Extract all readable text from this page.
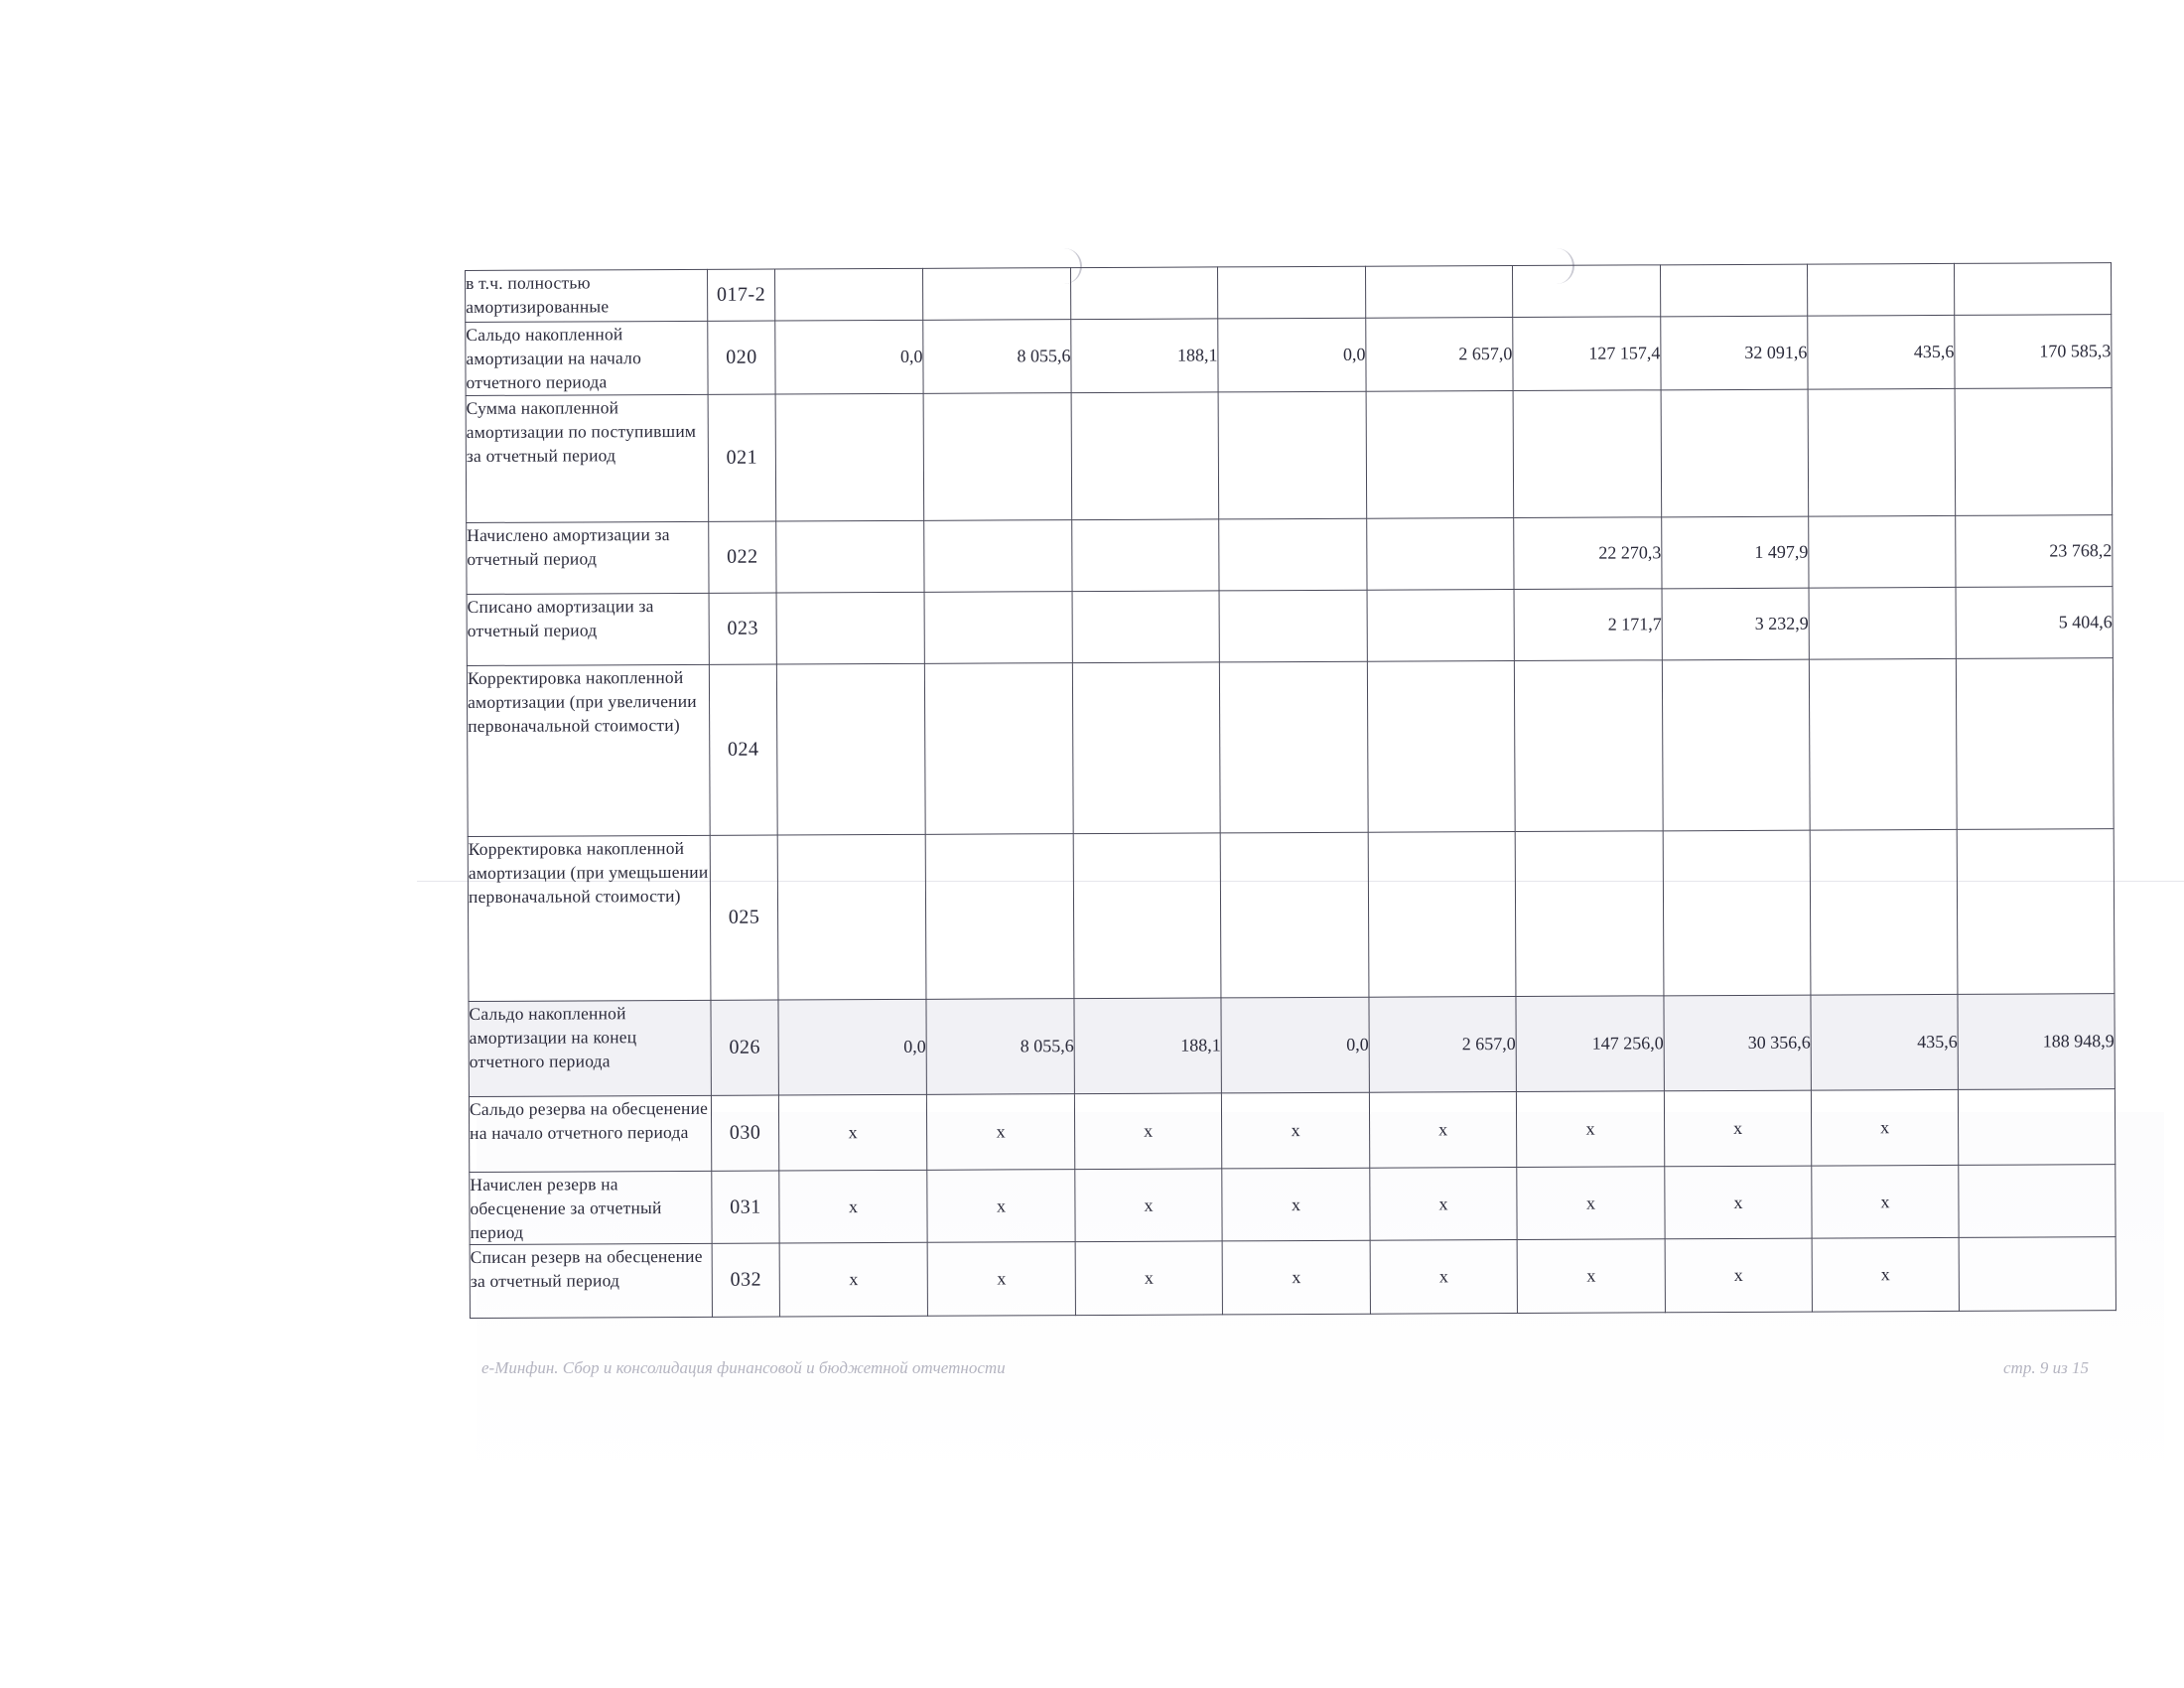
в т.ч. полностью амортизированные	017-2									
Сальдо накопленной амортизации на начало отчетного периода	020	0,0	8 055,6	188,1	0,0	2 657,0	127 157,4	32 091,6	435,6	170 585,3
Сумма накопленной амортизации по поступившим за отчетный период	021									
Начислено амортизации за отчетный период	022						22 270,3	1 497,9		23 768,2
Списано амортизации за отчетный период	023						2 171,7	3 232,9		5 404,6
Корректировка накопленной амортизации (при увеличении первоначальной стоимости)	024									
Корректировка накопленной амортизации (при умещьшении первоначальной стоимости)	025									
Сальдо накопленной амортизации на конец отчетного периода	026	0,0	8 055,6	188,1	0,0	2 657,0	147 256,0	30 356,6	435,6	188 948,9
Сальдо резерва на обесценение на начало отчетного периода	030	x	x	x	x	x	x	x	x	
Начислен резерв на обесценение за отчетный период	031	x	x	x	x	x	x	x	x	
Списан резерв на обесценение за отчетный период	032	x	x	x	x	x	x	x	x	
е-Минфин. Сбор и консолидация финансовой и бюджетной отчетности	стр. 9 из 15
